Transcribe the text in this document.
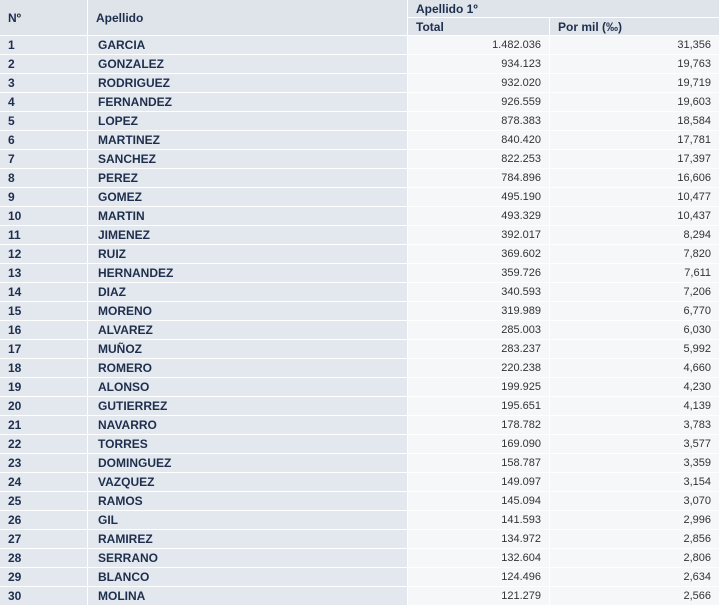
Nº	Apellido	Apellido 1º	
		Total	Por mil (‰)
1	GARCIA	1.482.036	31,356
2	GONZALEZ	934.123	19,763
3	RODRIGUEZ	932.020	19,719
4	FERNANDEZ	926.559	19,603
5	LOPEZ	878.383	18,584
6	MARTINEZ	840.420	17,781
7	SANCHEZ	822.253	17,397
8	PEREZ	784.896	16,606
9	GOMEZ	495.190	10,477
10	MARTIN	493.329	10,437
11	JIMENEZ	392.017	8,294
12	RUIZ	369.602	7,820
13	HERNANDEZ	359.726	7,611
14	DIAZ	340.593	7,206
15	MORENO	319.989	6,770
16	ALVAREZ	285.003	6,030
17	MUÑOZ	283.237	5,992
18	ROMERO	220.238	4,660
19	ALONSO	199.925	4,230
20	GUTIERREZ	195.651	4,139
21	NAVARRO	178.782	3,783
22	TORRES	169.090	3,577
23	DOMINGUEZ	158.787	3,359
24	VAZQUEZ	149.097	3,154
25	RAMOS	145.094	3,070
26	GIL	141.593	2,996
27	RAMIREZ	134.972	2,856
28	SERRANO	132.604	2,806
29	BLANCO	124.496	2,634
30	MOLINA	121.279	2,566
